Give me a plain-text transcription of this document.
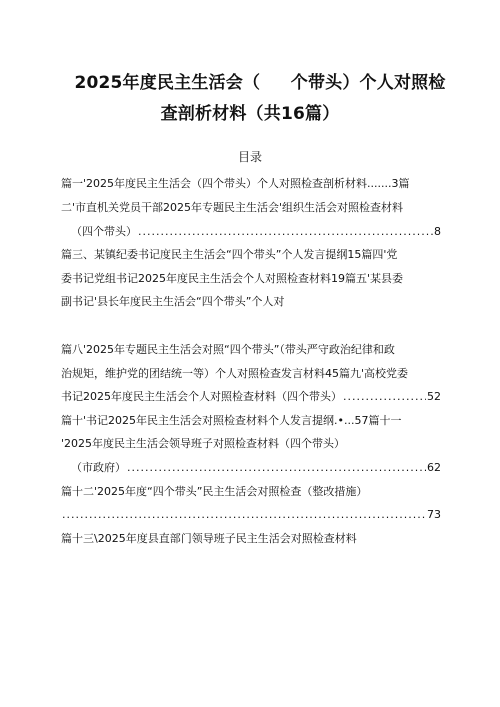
2025年度民主生活会（     个带头）个人对照检
查剖析材料（共16篇）
目录
篇一'2025年度民主生活会（四个带头）个人对照检查剖析材料.......3篇
二'市直机关党员干部2025年专题民主生活会'组织生活会对照检查材料
（四个带头） .....	8
篇三、某镇纪委书记度民主生活会“四个带头”个人发言提纲15篇四'党
委书记党组书记2025年度民主生活会个人对照检查材料19篇五'某县委
副书记'县长年度民主生活会“四个带头”个人对
篇八'2025年专题民主生活会对照“四个带头”（带头严守政治纪律和政
治规矩，维护党的团结统一等）个人对照检查发言材料45篇九'高校党委
书记2025年度民主生活会个人对照检查材料（四个带头） .....	52
篇十'书记2025年民主生活会对照检查材料个人发言提纲.•...57篇十一
'2025年度民主生活会领导班子对照检查材料（四个带头）
（市政府） .....	62
篇十二'2025年度“四个带头”民主生活会对照检查（整改措施）
.....
73
篇十三\2025年度县直部门领导班子民主生活会对照检查材料
